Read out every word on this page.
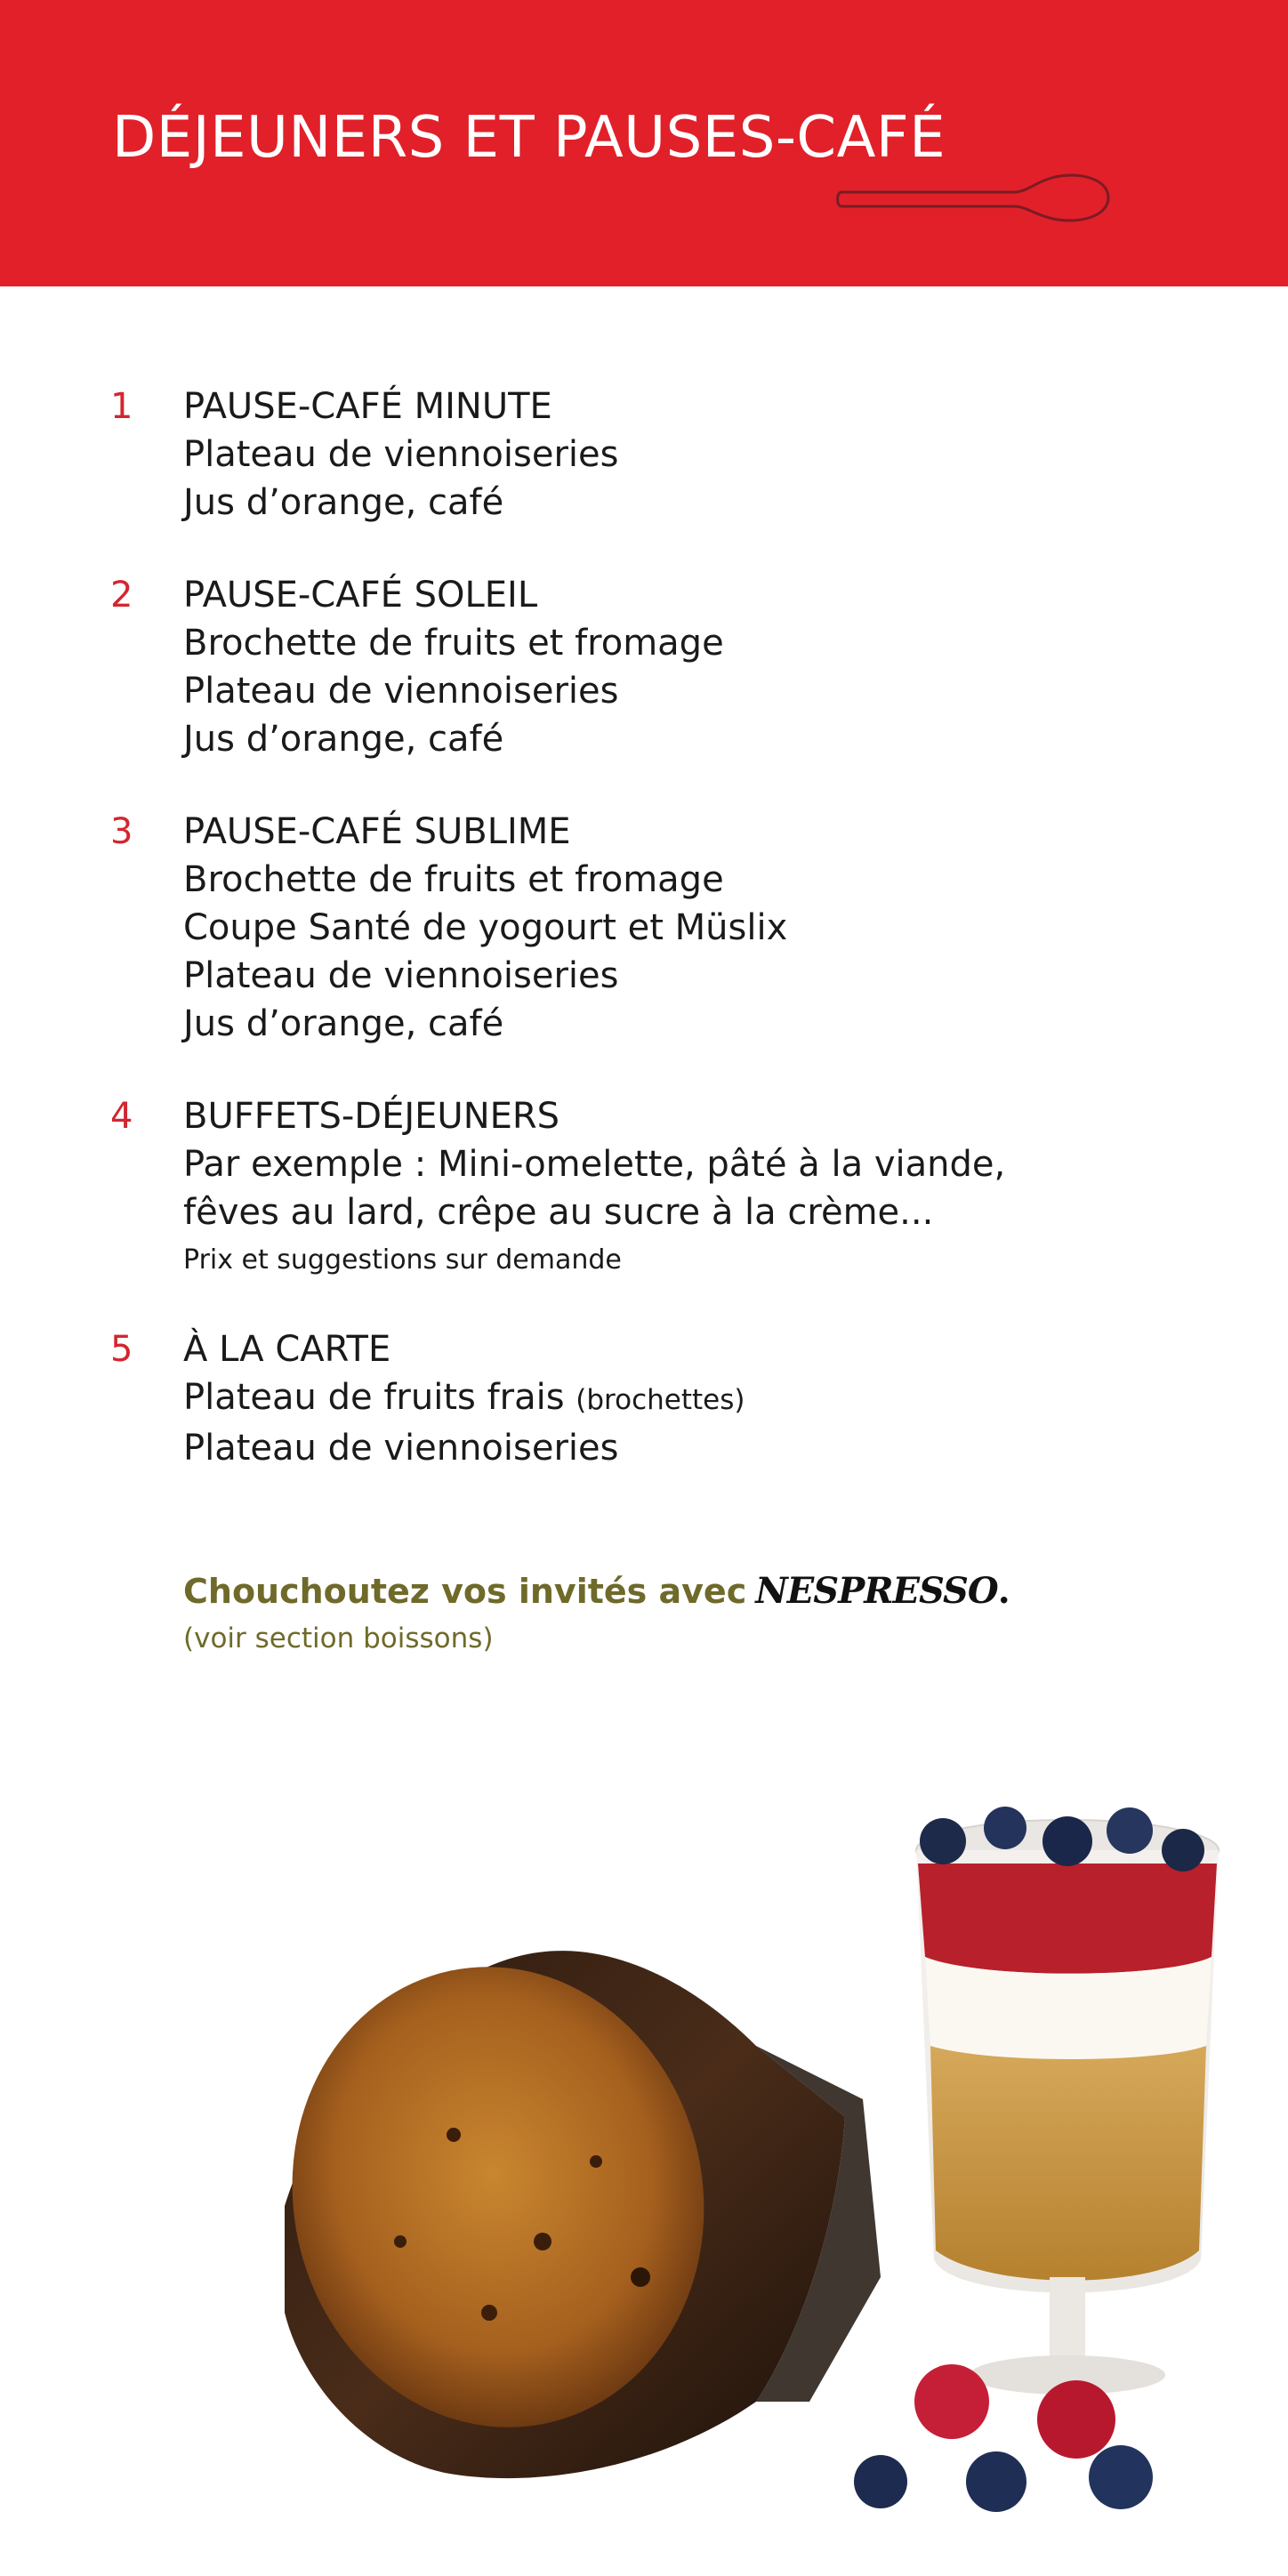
DÉJEUNERS ET PAUSES-CAFÉ
1 PAUSE-CAFÉ MINUTE
Plateau de viennoiseries
Jus d’orange, café
2 PAUSE-CAFÉ SOLEIL
Brochette de fruits et fromage
Plateau de viennoiseries
Jus d’orange, café
3 PAUSE-CAFÉ SUBLIME
Brochette de fruits et fromage
Coupe Santé de yogourt et Müslix
Plateau de viennoiseries
Jus d’orange, café
4 BUFFETS-DÉJEUNERS
Par exemple : Mini-omelette, pâté à la viande,
fêves au lard, crêpe au sucre à la crème...
Prix et suggestions sur demande
5 À LA CARTE
Plateau de fruits frais (brochettes)
Plateau de viennoiseries
Chouchoutez vos invités avec NESPRESSO.
(voir section boissons)
